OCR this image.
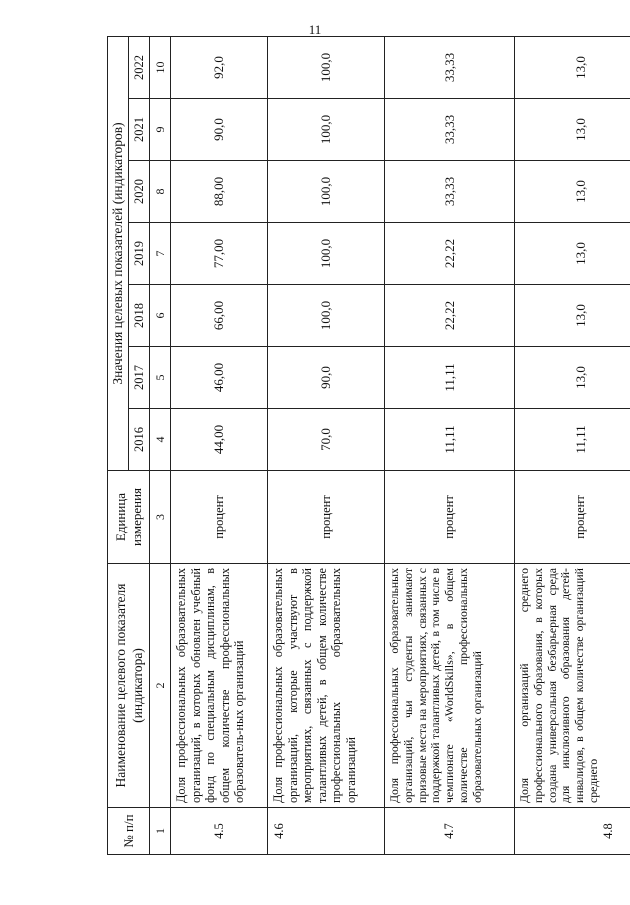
11
№ п/п	Наименование целевого показателя (индикатора)	Единица измерения	Значения целевых показателей (индикаторов)						
			2016	2017	2018	2019	2020	2021	2022
1	2	3	4	5	6	7	8	9	10
4.5	Доля профессиональных образовательных организаций, в которых обновлен учебный фонд по специальным дисциплинам, в общем количестве профессиональных образователь-ных организаций	процент	44,00	46,00	66,00	77,00	88,00	90,0	92,0
4.6	Доля профессиональных образовательных организаций, которые участвуют в мероприятиях, связанных с поддержкой талантливых детей, в общем количестве профессиональных образовательных организаций	процент	70,0	90,0	100,0	100,0	100,0	100,0	100,0
4.7	Доля профессиональных образовательных организаций, чьи студенты занимают призовые места на мероприятиях, связанных с поддержкой талантливых детей, в том числе в чемпионате «WorldSkills», в общем количестве профессиональных образовательных организаций	процент	11,11	11,11	22,22	22,22	33,33	33,33	33,33
4.8	Доля организаций среднего профессионального образования, в которых создана универсальная безбарьерная среда для инклюзивного образования детей-инвалидов, в общем количестве организаций среднего	процент	11,11	13,0	13,0	13,0	13,0	13,0	13,0
